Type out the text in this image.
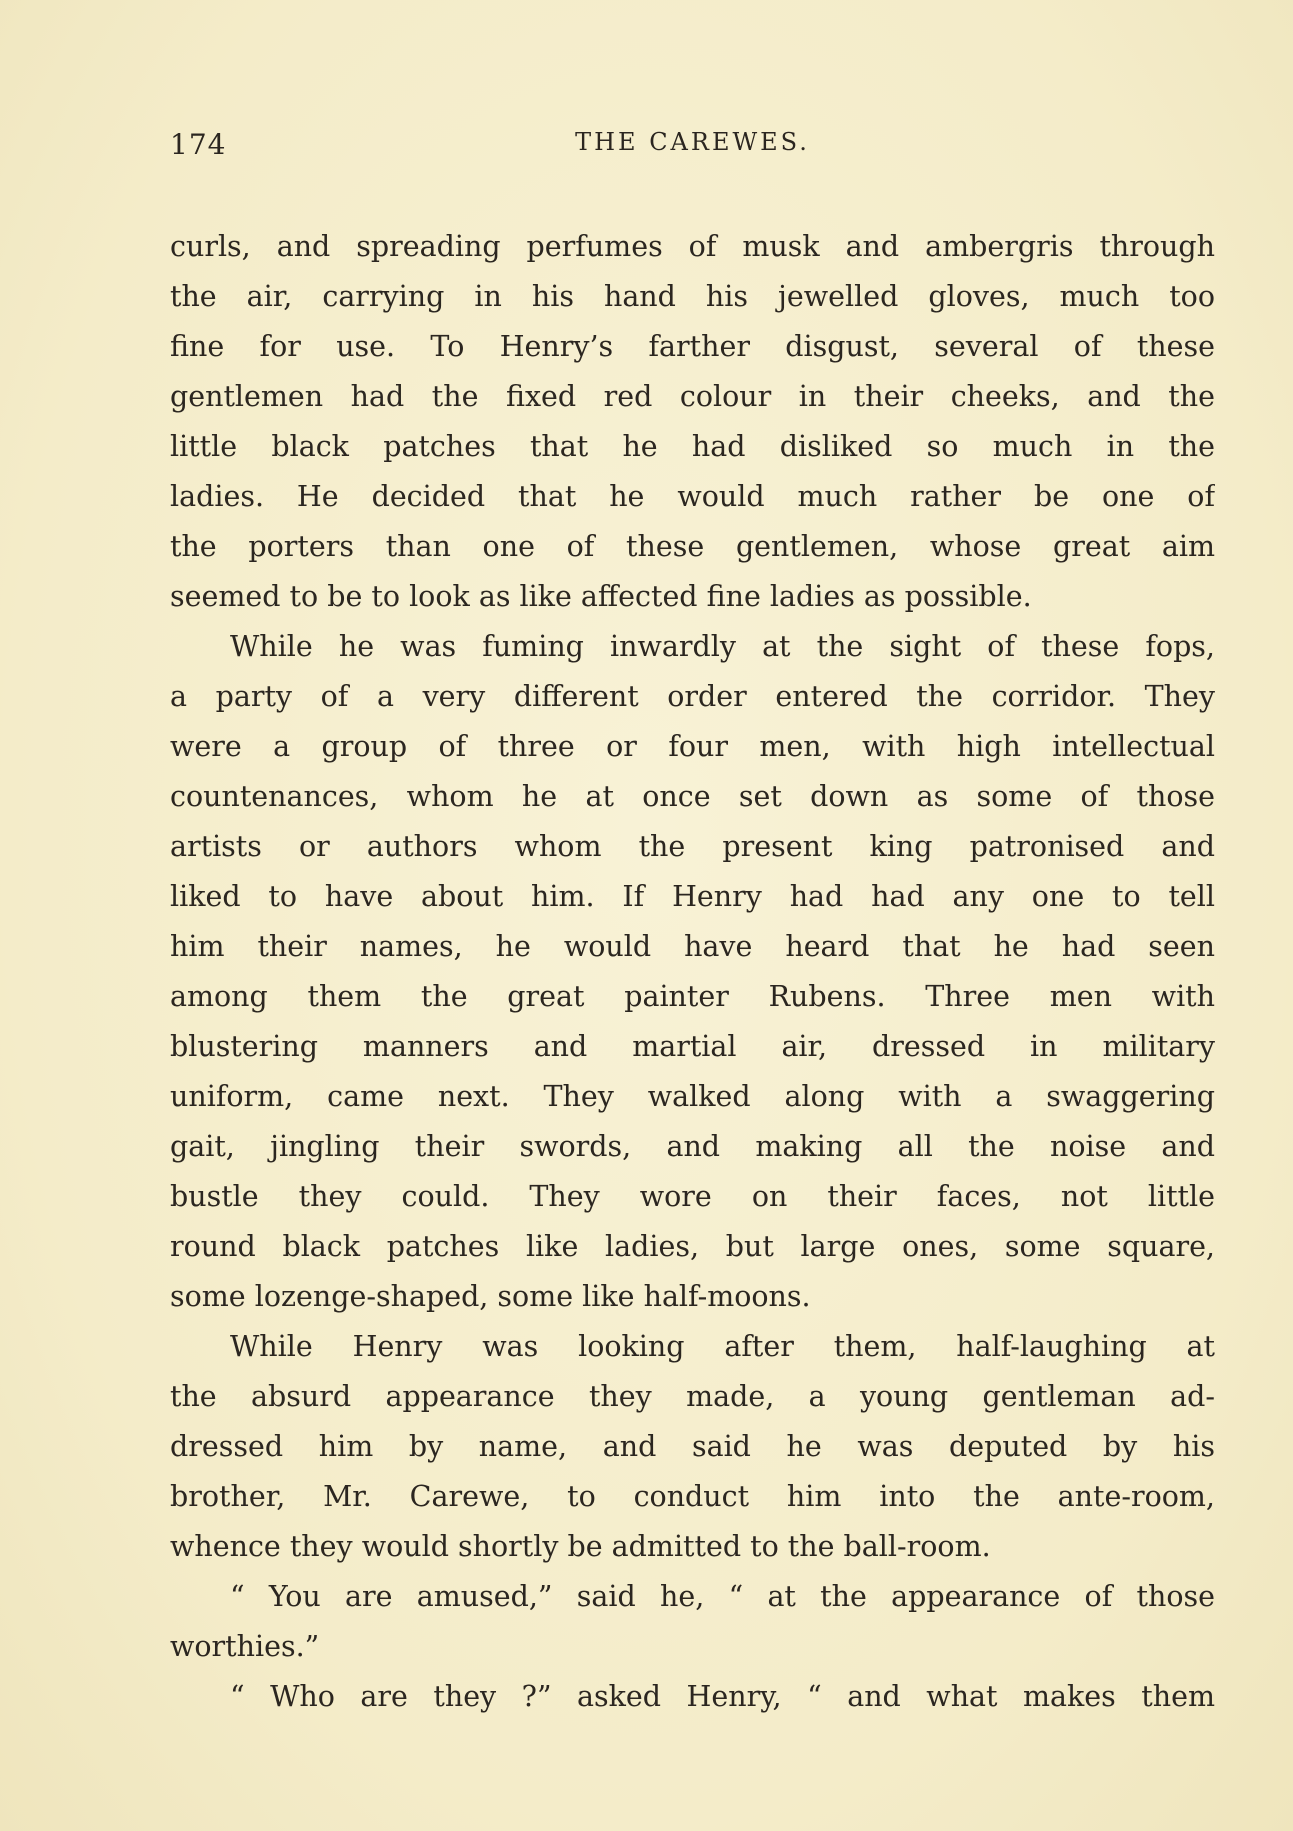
174	THE CAREWES.
curls, and spreading perfumes of musk and ambergris through
the air, carrying in his hand his jewelled gloves, much too
fine for use. To Henry’s farther disgust, several of these
gentlemen had the fixed red colour in their cheeks, and the
little black patches that he had disliked so much in the
ladies. He decided that he would much rather be one of
the porters than one of these gentlemen, whose great aim
seemed to be to look as like affected fine ladies as possible.
While he was fuming inwardly at the sight of these fops,
a party of a very different order entered the corridor. They
were a group of three or four men, with high intellectual
countenances, whom he at once set down as some of those
artists or authors whom the present king patronised and
liked to have about him. If Henry had had any one to tell
him their names, he would have heard that he had seen
among them the great painter Rubens. Three men with
blustering manners and martial air, dressed in military
uniform, came next. They walked along with a swaggering
gait, jingling their swords, and making all the noise and
bustle they could. They wore on their faces, not little
round black patches like ladies, but large ones, some square,
some lozenge-shaped, some like half-moons.
While Henry was looking after them, half-laughing at
the absurd appearance they made, a young gentleman ad-
dressed him by name, and said he was deputed by his
brother, Mr. Carewe, to conduct him into the ante-room,
whence they would shortly be admitted to the ball-room.
“ You are amused,” said he, “ at the appearance of those
worthies.”
“ Who are they ?” asked Henry, “ and what makes them
